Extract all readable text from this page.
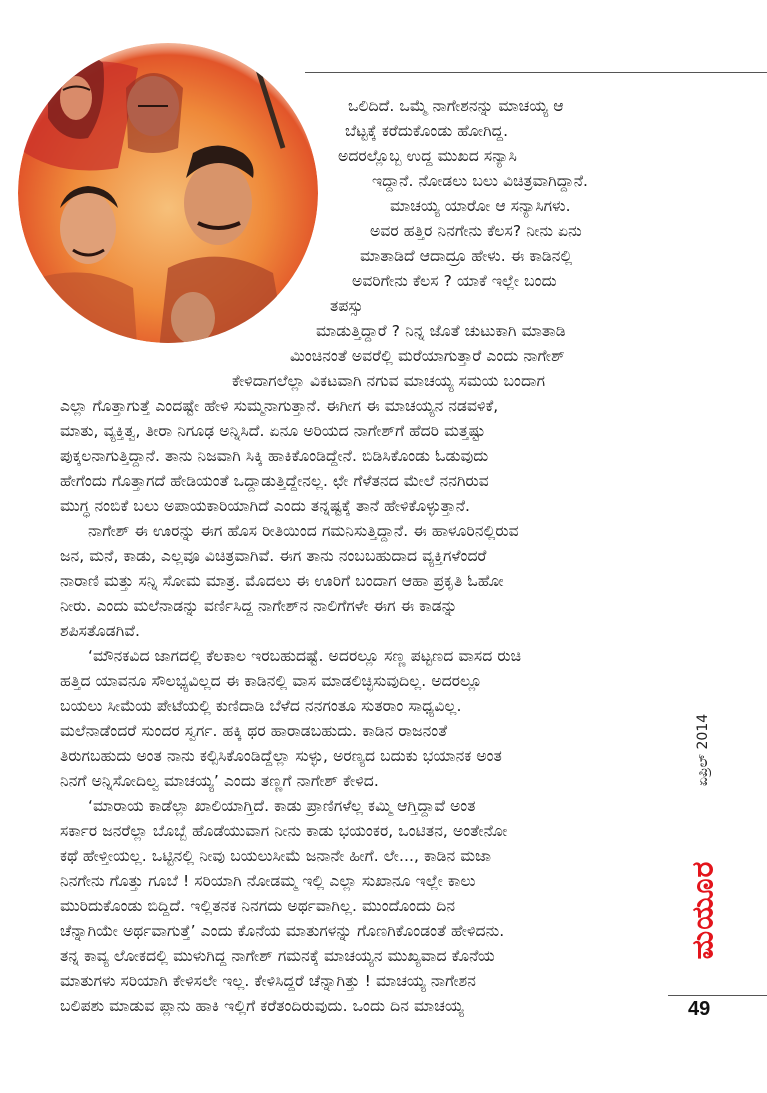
ಒಲಿದಿದೆ. ಒಮ್ಮೆ ನಾಗೇಶನನ್ನು ಮಾಚಯ್ಯ ಆ
ಬೆಟ್ಟಕ್ಕೆ ಕರೆದುಕೊಂಡು ಹೋಗಿದ್ದ.
ಅದರಲ್ಲೊಬ್ಬ ಉದ್ದ ಮುಖದ ಸನ್ಯಾಸಿ
ಇದ್ದಾನೆ. ನೋಡಲು ಬಲು ವಿಚಿತ್ರವಾಗಿದ್ದಾನೆ.
ಮಾಚಯ್ಯ ಯಾರೋ ಆ ಸನ್ಯಾಸಿಗಳು.
ಅವರ ಹತ್ತಿರ ನಿನಗೇನು ಕೆಲಸ? ನೀನು ಏನು
ಮಾತಾಡಿದೆ ಆದಾದ್ರೂ ಹೇಳು. ಈ ಕಾಡಿನಲ್ಲಿ
ಅವರಿಗೇನು ಕೆಲಸ ? ಯಾಕೆ ಇಲ್ಲೇ ಬಂದು
ತಪಸ್ಸು
ಮಾಡುತ್ತಿದ್ದಾರೆ ? ನಿನ್ನ ಜೊತೆ ಚುಟುಕಾಗಿ ಮಾತಾಡಿ
ಮಿಂಚಿನಂತೆ ಅವರೆಲ್ಲಿ ಮರೆಯಾಗುತ್ತಾರೆ ಎಂದು ನಾಗೇಶ್
ಕೇಳಿದಾಗಲೆಲ್ಲಾ ವಿಕಟವಾಗಿ ನಗುವ ಮಾಚಯ್ಯ ಸಮಯ ಬಂದಾಗ
ಎಲ್ಲಾ ಗೊತ್ತಾಗುತ್ತೆ ಎಂದಷ್ಟೇ ಹೇಳಿ ಸುಮ್ಮನಾಗುತ್ತಾನೆ. ಈಗೀಗ ಈ ಮಾಚಯ್ಯನ ನಡವಳಿಕೆ,
ಮಾತು, ವ್ಯಕ್ತಿತ್ವ, ತೀರಾ ನಿಗೂಢ ಅನ್ನಿಸಿದೆ. ಏನೂ ಅರಿಯದ ನಾಗೇಶ್‌ಗೆ ಹೆದರಿ ಮತ್ತಷ್ಟು
ಪುಕ್ಕಲನಾಗುತ್ತಿದ್ದಾನೆ. ತಾನು ನಿಜವಾಗಿ ಸಿಕ್ಕಿ ಹಾಕಿಕೊಂಡಿದ್ದೇನೆ. ಬಿಡಿಸಿಕೊಂಡು ಓಡುವುದು
ಹೇಗೆಂದು ಗೊತ್ತಾಗದೆ ಹೇಡಿಯಂತೆ ಒದ್ದಾಡುತ್ತಿದ್ದೇನಲ್ಲ. ಛೇ ಗೆಳೆತನದ ಮೇಲೆ ನನಗಿರುವ
ಮುಗ್ಧ ನಂಬಿಕೆ ಬಲು ಅಪಾಯಕಾರಿಯಾಗಿದೆ ಎಂದು ತನ್ನಷ್ಟಕ್ಕೆ ತಾನೆ ಹೇಳಿಕೊಳ್ಳುತ್ತಾನೆ.
ನಾಗೇಶ್ ಈ ಊರನ್ನು ಈಗ ಹೊಸ ರೀತಿಯಿಂದ ಗಮನಿಸುತ್ತಿದ್ದಾನೆ. ಈ ಹಾಳೂರಿನಲ್ಲಿರುವ
ಜನ, ಮನೆ, ಕಾಡು, ಎಲ್ಲವೂ ವಿಚಿತ್ರವಾಗಿವೆ. ಈಗ ತಾನು ನಂಬಬಹುದಾದ ವ್ಯಕ್ತಿಗಳೆಂದರೆ
ನಾರಾಣಿ ಮತ್ತು ಸನ್ನಿ ಸೋಮ ಮಾತ್ರ. ಮೊದಲು ಈ ಊರಿಗೆ ಬಂದಾಗ ಆಹಾ ಪ್ರಕೃತಿ ಓಹೋ
ನೀರು. ಎಂದು ಮಲೆನಾಡನ್ನು ವರ್ಣಿಸಿದ್ದ ನಾಗೇಶ್‌ನ ನಾಲಿಗೆಗಳೇ ಈಗ ಈ ಕಾಡನ್ನು
ಶಪಿಸತೊಡಗಿವೆ.
‘ಮೌನಕವಿದ ಜಾಗದಲ್ಲಿ ಕೆಲಕಾಲ ಇರಬಹುದಷ್ಟೆ. ಅದರಲ್ಲೂ ಸಣ್ಣ ಪಟ್ಟಣದ ವಾಸದ ರುಚಿ
ಹತ್ತಿದ ಯಾವನೂ ಸೌಲಭ್ಯವಿಲ್ಲದ ಈ ಕಾಡಿನಲ್ಲಿ ವಾಸ ಮಾಡಲಿಚ್ಛಿಸುವುದಿಲ್ಲ. ಅದರಲ್ಲೂ
ಬಯಲು ಸೀಮೆಯ ಪೇಟೆಯಲ್ಲಿ ಕುಣಿದಾಡಿ ಬೆಳೆದ ನನಗಂತೂ ಸುತರಾಂ ಸಾಧ್ಯವಿಲ್ಲ.
ಮಲೆನಾಡೆಂದರೆ ಸುಂದರ ಸ್ವರ್ಗ. ಹಕ್ಕಿ ಥರ ಹಾರಾಡಬಹುದು. ಕಾಡಿನ ರಾಜನಂತೆ
ತಿರುಗಬಹುದು ಅಂತ ನಾನು ಕಲ್ಪಿಸಿಕೊಂಡಿದ್ದೆಲ್ಲಾ ಸುಳ್ಳು, ಅರಣ್ಯದ ಬದುಕು ಭಯಾನಕ ಅಂತ
ನಿನಗೆ ಅನ್ನಿಸೋದಿಲ್ವ ಮಾಚಯ್ಯ’ ಎಂದು ತಣ್ಣಗೆ ನಾಗೇಶ್ ಕೇಳಿದ.
‘ಮಾರಾಯ ಕಾಡೆಲ್ಲಾ ಖಾಲಿಯಾಗ್ತಿದೆ. ಕಾಡು ಪ್ರಾಣಿಗಳೆಲ್ಲ ಕಮ್ಮಿ ಆಗ್ತಿದ್ದಾವೆ ಅಂತ
ಸರ್ಕಾರ ಜನರೆಲ್ಲಾ ಬೊಬ್ಬೆ ಹೊಡೆಯುವಾಗ ನೀನು ಕಾಡು ಭಯಂಕರ, ಒಂಟಿತನ, ಅಂತೇನೋ
ಕಥೆ ಹೇಳ್ತೀಯಲ್ಲ. ಒಟ್ಟಿನಲ್ಲಿ ನೀವು ಬಯಲುಸೀಮೆ ಜನಾನೇ ಹೀಗೆ. ಲೇ..., ಕಾಡಿನ ಮಜಾ
ನಿನಗೇನು ಗೊತ್ತು ಗೂಬೆ ! ಸರಿಯಾಗಿ ನೋಡಮ್ಮ ಇಲ್ಲಿ ಎಲ್ಲಾ ಸುಖಾನೂ ಇಲ್ಲೇ ಕಾಲು
ಮುರಿದುಕೊಂಡು ಬಿದ್ದಿದೆ. ಇಲ್ಲಿತನಕ ನಿನಗದು ಅರ್ಥವಾಗಿಲ್ಲ. ಮುಂದೊಂದು ದಿನ
ಚೆನ್ನಾಗಿಯೇ ಅರ್ಥವಾಗುತ್ತೆ’ ಎಂದು ಕೊನೆಯ ಮಾತುಗಳನ್ನು ಗೊಣಗಿಕೊಂಡಂತೆ ಹೇಳಿದನು.
ತನ್ನ ಕಾವ್ಯ ಲೋಕದಲ್ಲಿ ಮುಳುಗಿದ್ದ ನಾಗೇಶ್ ಗಮನಕ್ಕೆ ಮಾಚಯ್ಯನ ಮುಖ್ಯವಾದ ಕೊನೆಯ
ಮಾತುಗಳು ಸರಿಯಾಗಿ ಕೇಳಿಸಲೇ ಇಲ್ಲ. ಕೇಳಿಸಿದ್ದರೆ ಚೆನ್ನಾಗಿತ್ತು ! ಮಾಚಯ್ಯ ನಾಗೇಶನ
ಬಲಿಪಶು ಮಾಡುವ ಪ್ಲಾನು ಹಾಕಿ ಇಲ್ಲಿಗೆ ಕರೆತಂದಿರುವುದು. ಒಂದು ದಿನ ಮಾಚಯ್ಯ
ಏಪ್ರಿಲ್ 2014
ಮಯೂರ
49
